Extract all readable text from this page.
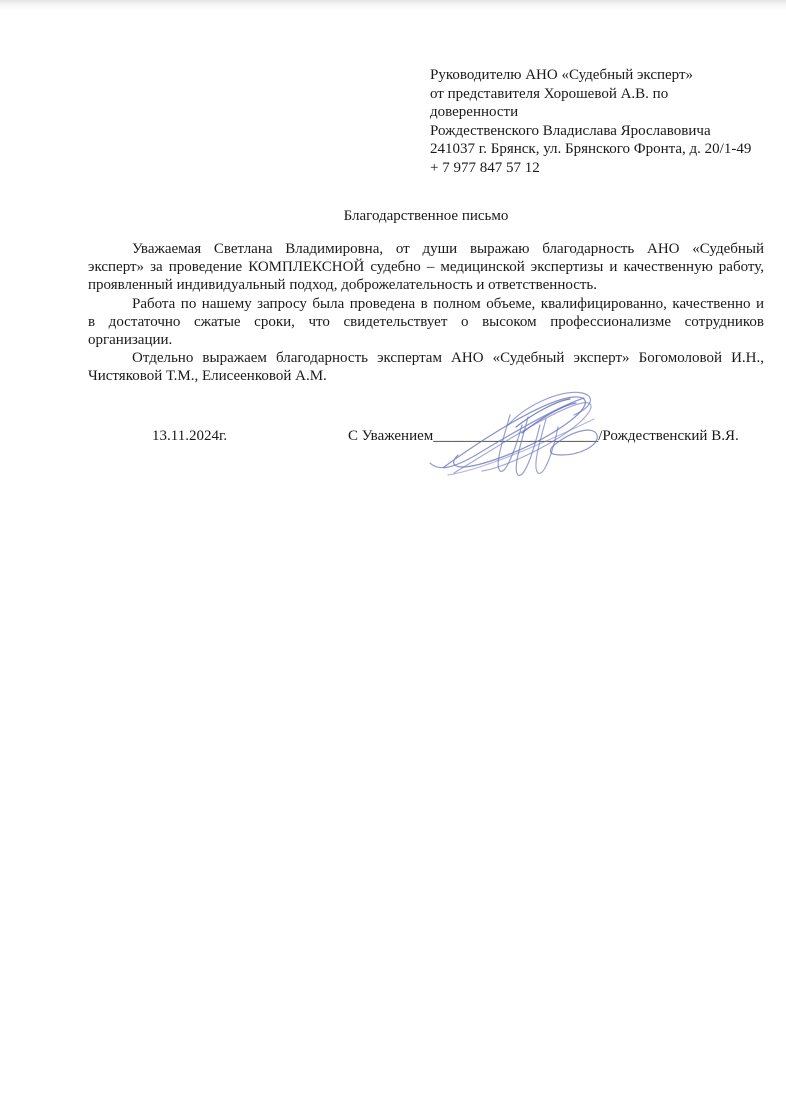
Руководителю АНО «Судебный эксперт»
от представителя Хорошевой А.В. по
доверенности
Рождественского Владислава Ярославовича
241037 г. Брянск, ул. Брянского Фронта, д. 20/1-49
+ 7 977 847 57 12
Благодарственное письмо
Уважаемая Светлана Владимировна, от души выражаю благодарность АНО «Судебный
эксперт» за проведение КОМПЛЕКСНОЙ судебно – медицинской экспертизы и качественную работу,
проявленный индивидуальный подход, доброжелательность и ответственность.
Работа по нашему запросу была проведена в полном объеме, квалифицированно, качественно и
в достаточно сжатые сроки, что свидетельствует о высоком профессионализме сотрудников
организации.
Отдельно выражаем благодарность экспертам АНО «Судебный эксперт» Богомоловой И.Н.,
Чистяковой Т.М., Елисеенковой А.М.
13.11.2024г.	С Уважением______________________/Рождественский В.Я.
